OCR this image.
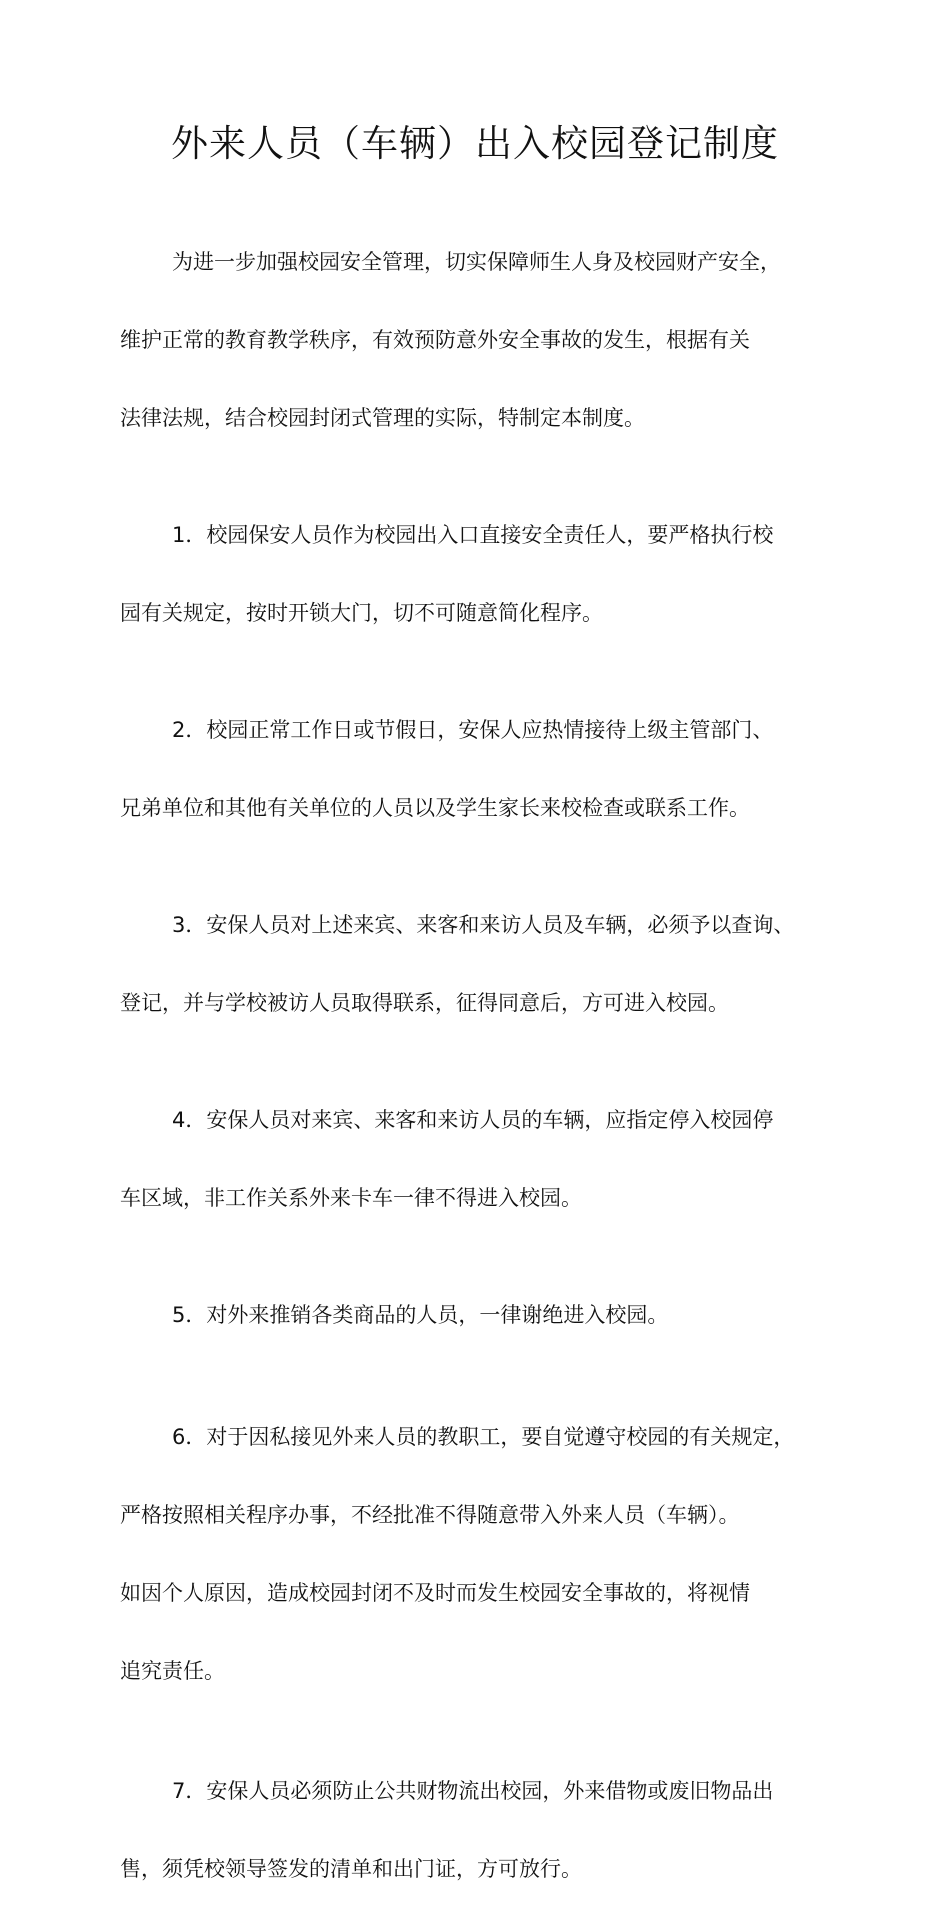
外来人员（车辆）出入校园登记制度

为进一步加强校园安全管理，切实保障师生人身及校园财产安全，

维护正常的教育教学秩序，有效预防意外安全事故的发生，根据有关

法律法规，结合校园封闭式管理的实际，特制定本制度。

1．校园保安人员作为校园出入口直接安全责任人，要严格执行校

园有关规定，按时开锁大门，切不可随意简化程序。

2．校园正常工作日或节假日，安保人应热情接待上级主管部门、

兄弟单位和其他有关单位的人员以及学生家长来校检查或联系工作。

3．安保人员对上述来宾、来客和来访人员及车辆，必须予以查询、

登记，并与学校被访人员取得联系，征得同意后，方可进入校园。

4．安保人员对来宾、来客和来访人员的车辆，应指定停入校园停

车区域，非工作关系外来卡车一律不得进入校园。

5．对外来推销各类商品的人员，一律谢绝进入校园。

6．对于因私接见外来人员的教职工，要自觉遵守校园的有关规定，

严格按照相关程序办事，不经批准不得随意带入外来人员（车辆）。

如因个人原因，造成校园封闭不及时而发生校园安全事故的，将视情

追究责任。

7．安保人员必须防止公共财物流出校园，外来借物或废旧物品出

售，须凭校领导签发的清单和出门证，方可放行。
